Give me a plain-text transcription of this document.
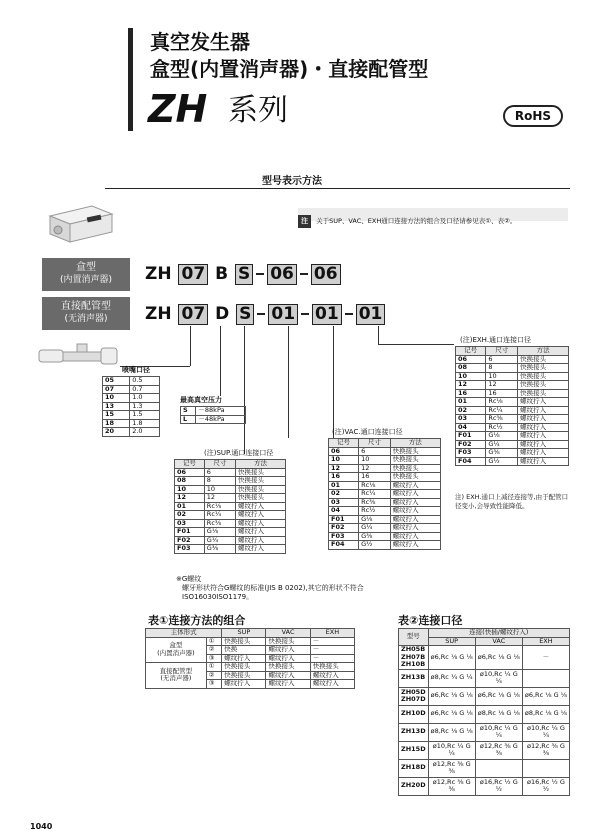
真空发生器
盒型(内置消声器)・直接配管型
ZH 系列	RoHS
型号表示方法
注 关于SUP、VAC、EXH通口连接方法的组合及口径请参见表①、表②。
盒型
(内置消声器)
直接配管型
(无消声器)
ZH 07 B S 06 06
ZH 07 D S 01 01 01
喷嘴口径
05	0.5
07	0.7
10	1.0
13	1.3
15	1.5
18	1.8
20	2.0
最高真空压力
S	－88kPa
L	－48kPa
(注)SUP.通口连接口径
记号	尺寸	方法
06	6	快换接头
08	8	快换接头
10	10	快换接头
12	12	快换接头
01	Rc⅛	螺纹拧入
02	Rc¼	螺纹拧入
03	Rc⅜	螺纹拧入
F01	G⅛	螺纹拧入
F02	G¼	螺纹拧入
F03	G⅜	螺纹拧入
(注)VAC.通口连接口径
记号	尺寸	方法
06	6	快换接头
10	10	快换接头
12	12	快换接头
16	16	快换接头
01	Rc⅛	螺纹拧入
02	Rc¼	螺纹拧入
03	Rc⅜	螺纹拧入
04	Rc½	螺纹拧入
F01	G⅛	螺纹拧入
F02	G¼	螺纹拧入
F03	G⅜	螺纹拧入
F04	G½	螺纹拧入
(注)EXH.通口连接口径
记号	尺寸	方法
06	6	快换接头
08	8	快换接头
10	10	快换接头
12	12	快换接头
16	16	快换接头
01	Rc⅛	螺纹拧入
02	Rc¼	螺纹拧入
03	Rc⅜	螺纹拧入
04	Rc½	螺纹拧入
F01	G⅛	螺纹拧入
F02	G¼	螺纹拧入
F03	G⅜	螺纹拧入
F04	G½	螺纹拧入
注) EXH.通口上减径连接等,由于配管口径变小,会导致性能降低。
※G螺纹
螺牙形状符合G螺纹的标准(JIS B 0202),其它的形状不符合
ISO16030ISO1179。
表①连接方法的组合
主体形式		SUP	VAC	EXH

盒型
(内置消声器)	①	快换接头	快换接头	－
	②	快换	螺纹拧入	－
	③	螺纹拧入	螺纹拧入	－

直接配管型
(无消声器)	①	快换接头	快换接头	快换接头
	②	快换接头	螺纹拧入	螺纹拧入
	③	螺纹拧入	螺纹拧入	螺纹拧入
表②连接口径
型号	连接(快插/螺纹拧入)		
	SUP	VAC	EXH
ZH05B ZH07B ZH10B	ø6,Rc ⅛ G ⅛	ø6,Rc ⅛ G ⅛	－
ZH13B	ø8,Rc ¼ G ¼	ø10,Rc ¼ G ¼	
ZH05D ZH07D	ø6,Rc ⅛ G ⅛	ø6,Rc ⅛ G ⅛	ø6,Rc ⅛ G ⅛
ZH10D	ø6,Rc ⅛ G ⅛	ø8,Rc ⅛ G ⅛	ø8,Rc ⅛ G ⅛
ZH13D	ø8,Rc ⅛ G ⅛	ø10,Rc ¼ G ¼	ø10,Rc ¼ G ¼
ZH15D	ø10,Rc ¼ G ¼	ø12,Rc ⅜ G ⅜	ø12,Rc ⅜ G ⅜
ZH18D	ø12,Rc ⅜ G ⅜		
ZH20D	ø12,Rc ⅜ G ⅜	ø16,Rc ½ G ½	ø16,Rc ½ G ½
1040
